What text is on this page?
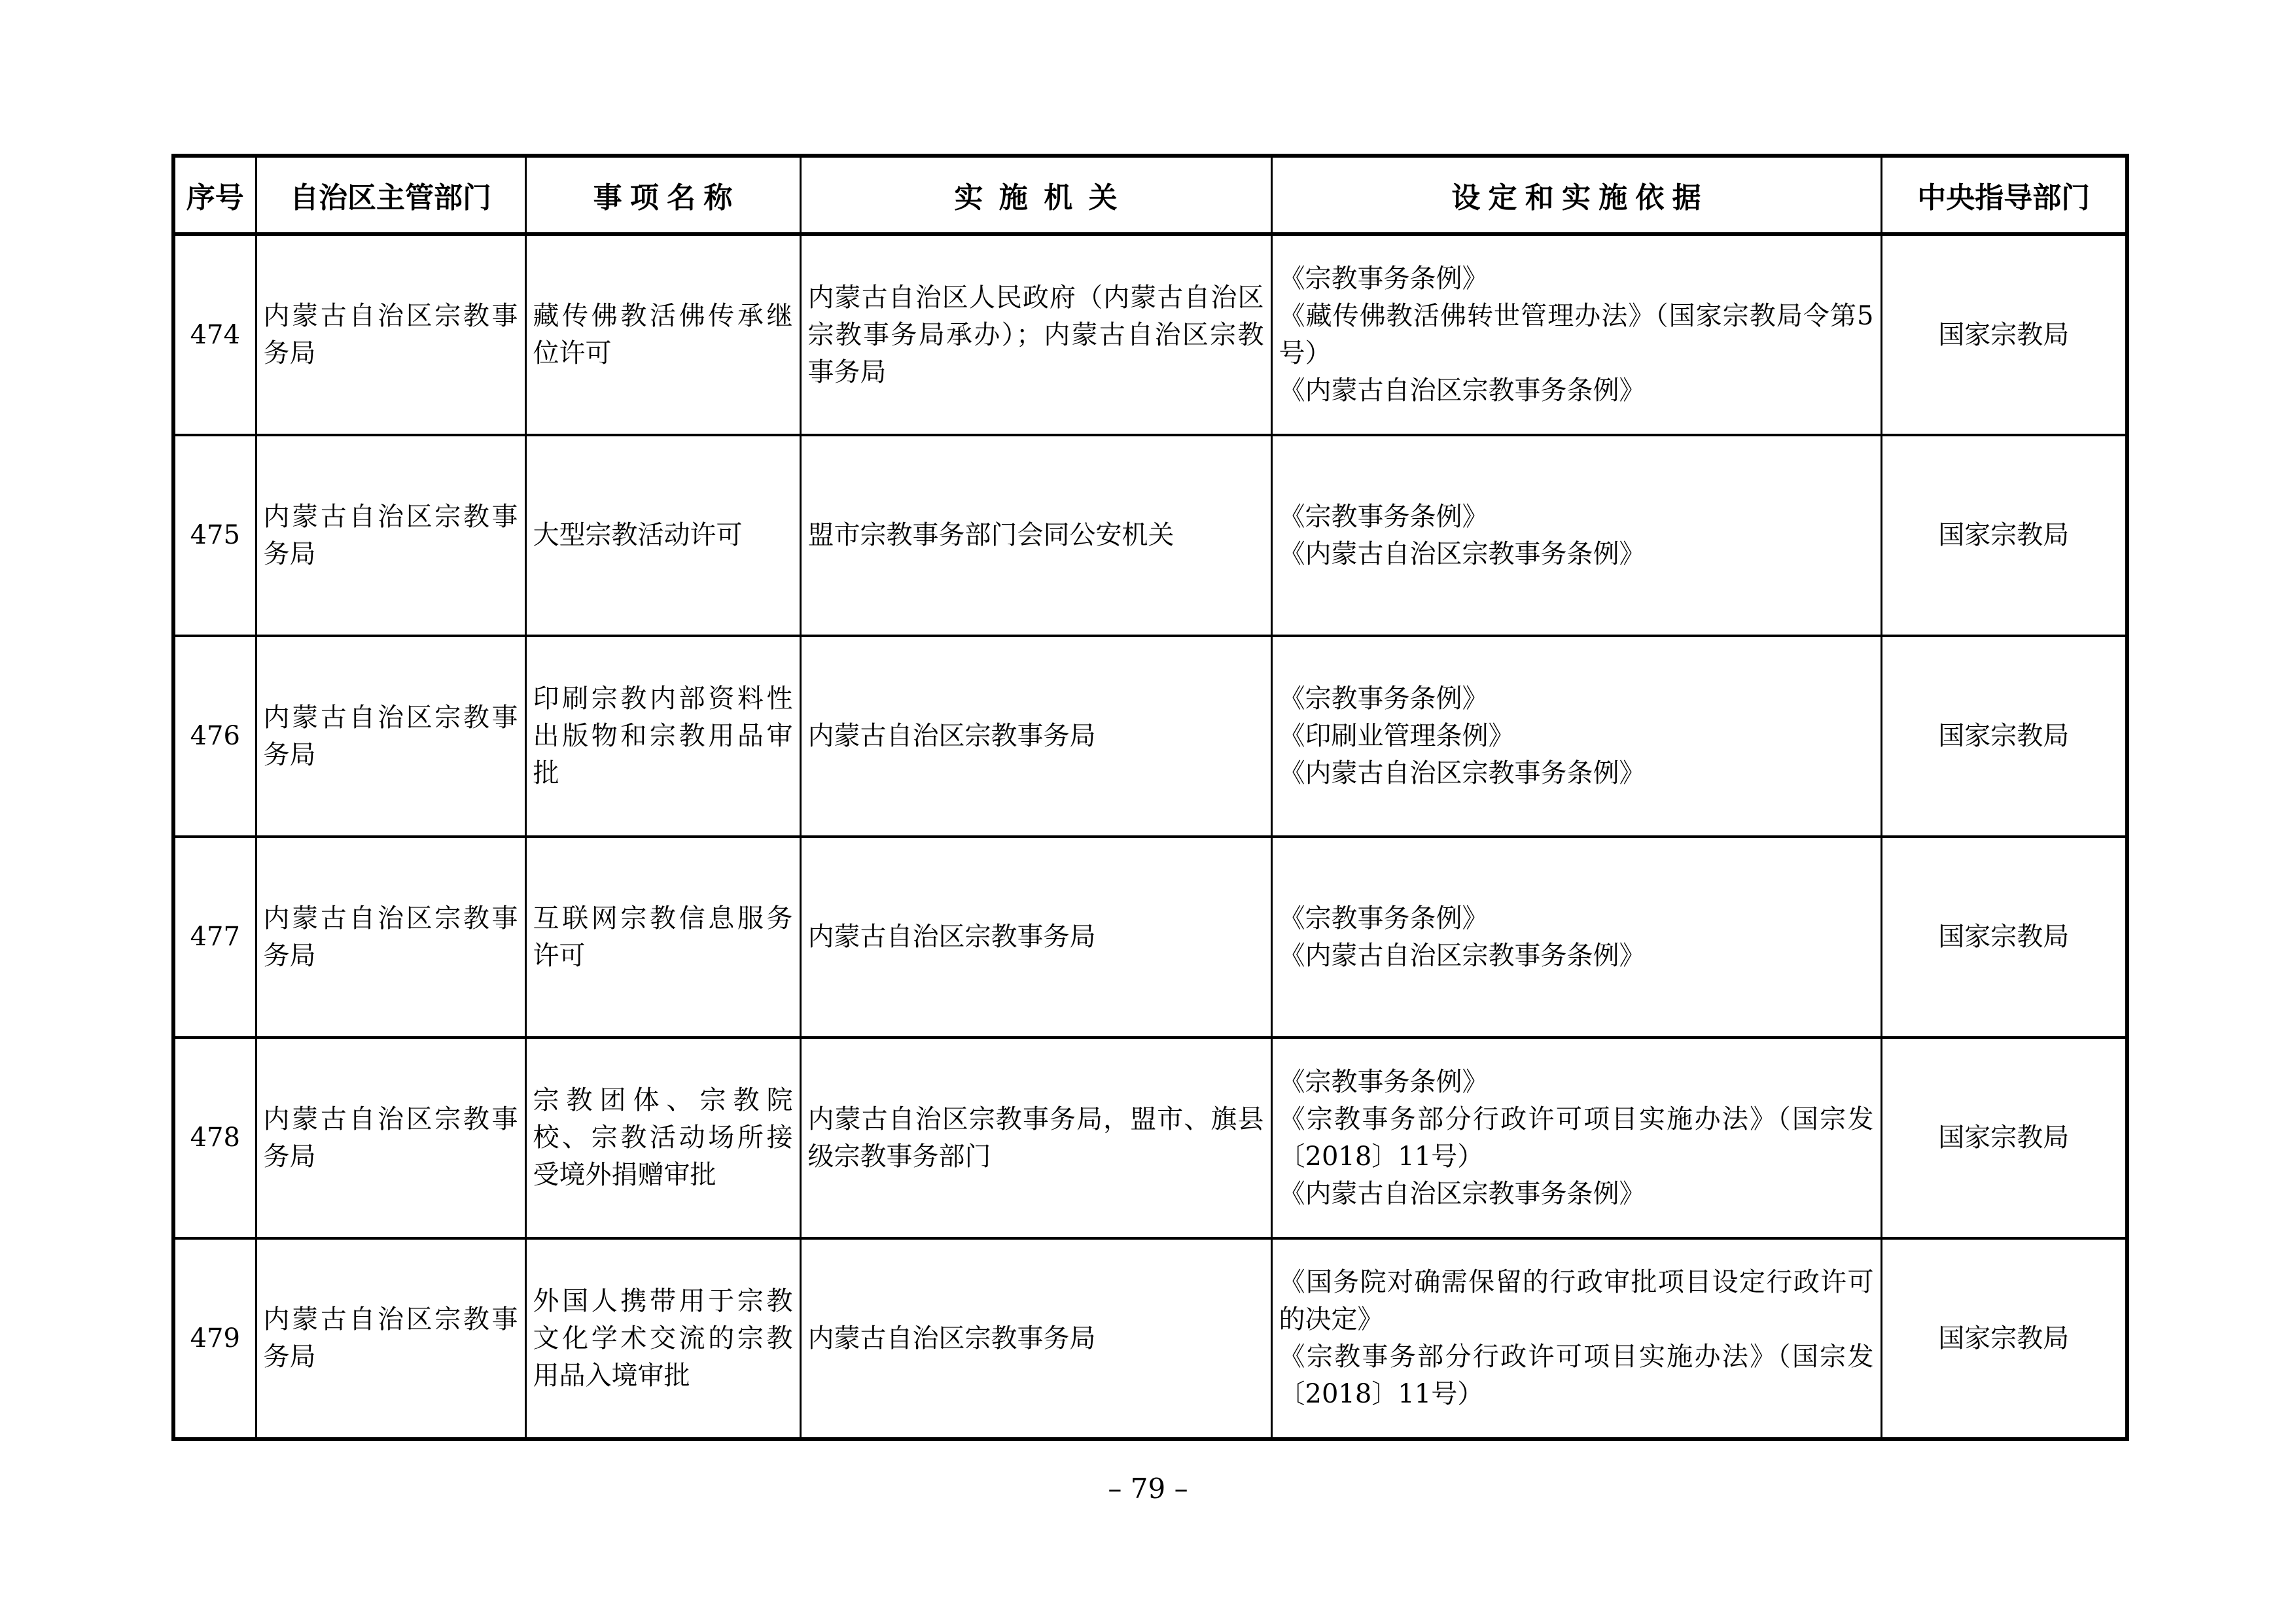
序号	自治区主管部门	事 项 名 称	实  施  机  关	设 定 和 实 施 依 据	中央指导部门
474	内蒙古自治区宗教事务局	藏传佛教活佛传承继位许可	内蒙古自治区人民政府（内蒙古自治区宗教事务局承办）；内蒙古自治区宗教事务局	《宗教事务条例》
《藏传佛教活佛转世管理办法》（国家宗教局令第5号）
《内蒙古自治区宗教事务条例》	国家宗教局
475	内蒙古自治区宗教事务局	大型宗教活动许可	盟市宗教事务部门会同公安机关	《宗教事务条例》
《内蒙古自治区宗教事务条例》	国家宗教局
476	内蒙古自治区宗教事务局	印刷宗教内部资料性出版物和宗教用品审批	内蒙古自治区宗教事务局	《宗教事务条例》
《印刷业管理条例》
《内蒙古自治区宗教事务条例》	国家宗教局
477	内蒙古自治区宗教事务局	互联网宗教信息服务许可	内蒙古自治区宗教事务局	《宗教事务条例》
《内蒙古自治区宗教事务条例》	国家宗教局
478	内蒙古自治区宗教事务局	宗教团体、宗教院校、宗教活动场所接受境外捐赠审批	内蒙古自治区宗教事务局，盟市、旗县级宗教事务部门	《宗教事务条例》
《宗教事务部分行政许可项目实施办法》（国宗发〔2018〕11号）
《内蒙古自治区宗教事务条例》	国家宗教局
479	内蒙古自治区宗教事务局	外国人携带用于宗教文化学术交流的宗教用品入境审批	内蒙古自治区宗教事务局	《国务院对确需保留的行政审批项目设定行政许可的决定》
《宗教事务部分行政许可项目实施办法》（国宗发〔2018〕11号）	国家宗教局
– 79 –
